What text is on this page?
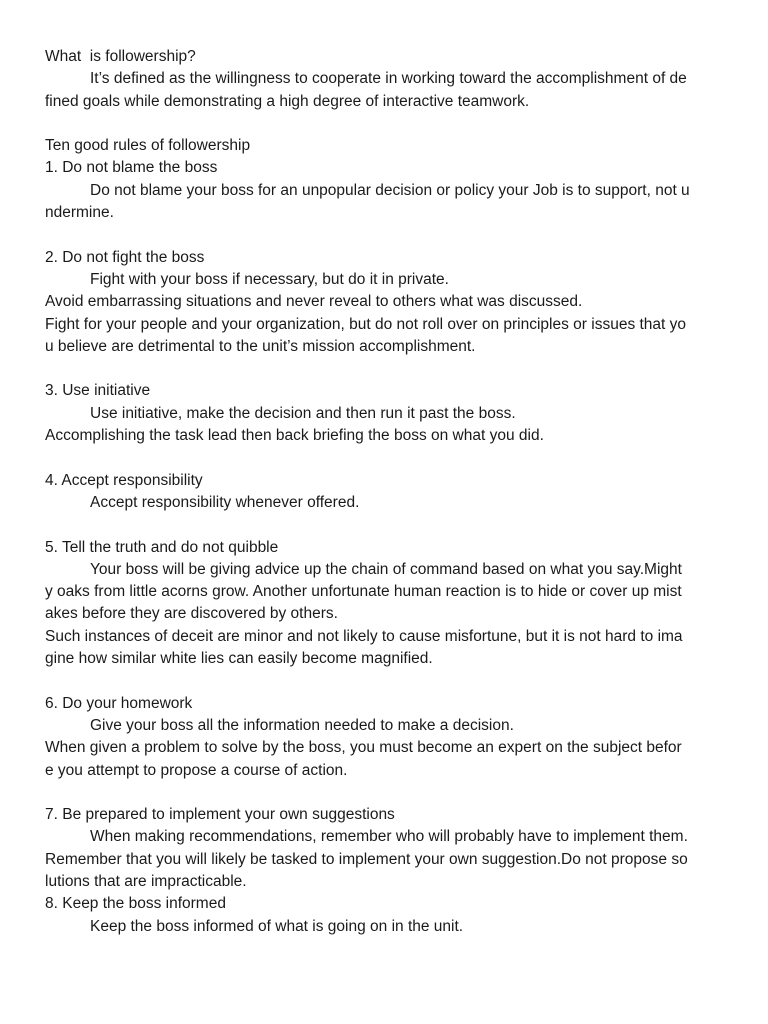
What  is followership?
It’s defined as the willingness to cooperate in working toward the accomplishment of de
fined goals while demonstrating a high degree of interactive teamwork.
Ten good rules of followership
1. Do not blame the boss
Do not blame your boss for an unpopular decision or policy your Job is to support, not u
ndermine.
2. Do not fight the boss
Fight with your boss if necessary, but do it in private.
Avoid embarrassing situations and never reveal to others what was discussed.
Fight for your people and your organization, but do not roll over on principles or issues that yo
u believe are detrimental to the unit’s mission accomplishment.
3. Use initiative
Use initiative, make the decision and then run it past the boss.
Accomplishing the task lead then back briefing the boss on what you did.
4. Accept responsibility
Accept responsibility whenever offered.
5. Tell the truth and do not quibble
Your boss will be giving advice up the chain of command based on what you say.Might
y oaks from little acorns grow. Another unfortunate human reaction is to hide or cover up mist
akes before they are discovered by others.
Such instances of deceit are minor and not likely to cause misfortune, but it is not hard to ima
gine how similar white lies can easily become magnified.
6. Do your homework
Give your boss all the information needed to make a decision.
When given a problem to solve by the boss, you must become an expert on the subject befor
e you attempt to propose a course of action.
7. Be prepared to implement your own suggestions
When making recommendations, remember who will probably have to implement them.
Remember that you will likely be tasked to implement your own suggestion.Do not propose so
lutions that are impracticable.
8. Keep the boss informed
Keep the boss informed of what is going on in the unit.
